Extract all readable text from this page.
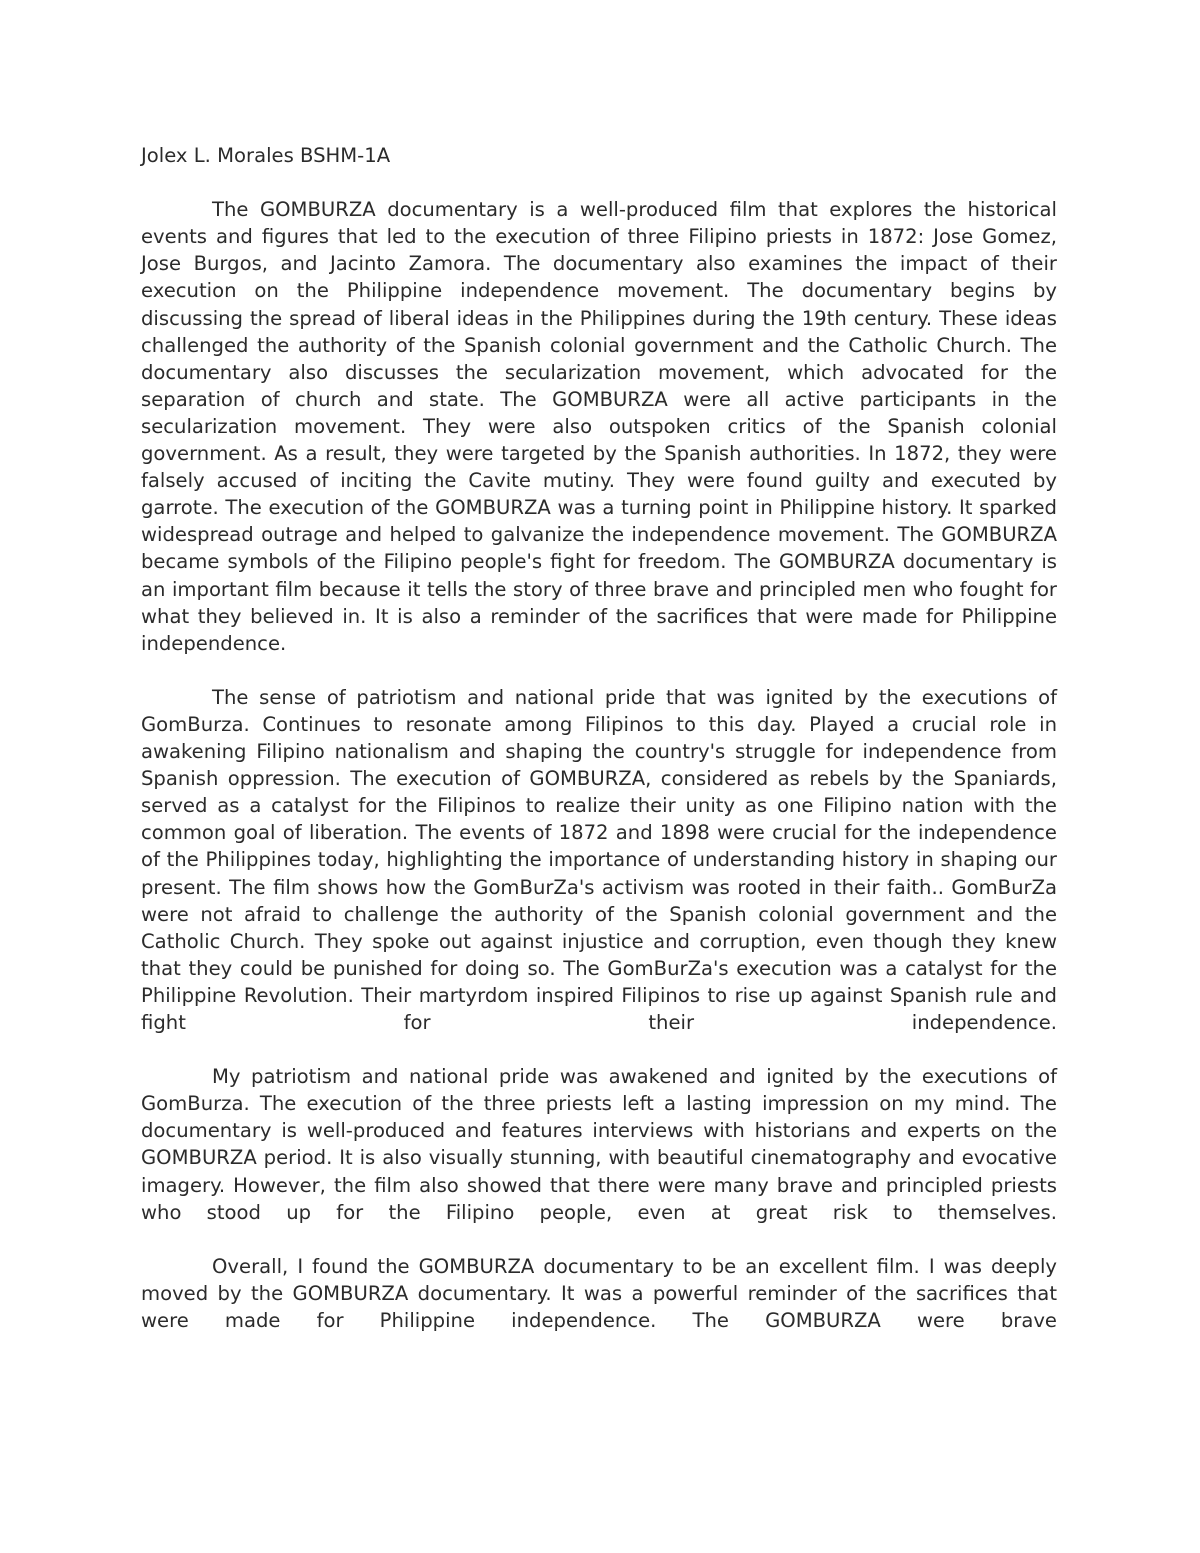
Jolex L. Morales BSHM-1A

The GOMBURZA documentary is a well-produced film that explores the historical events and figures that led to the execution of three Filipino priests in 1872: Jose Gomez, Jose Burgos, and Jacinto Zamora. The documentary also examines the impact of their execution on the Philippine independence movement. The documentary begins by discussing the spread of liberal ideas in the Philippines during the 19th century. These ideas challenged the authority of the Spanish colonial government and the Catholic Church. The documentary also discusses the secularization movement, which advocated for the separation of church and state. The GOMBURZA were all active participants in the secularization movement. They were also outspoken critics of the Spanish colonial government. As a result, they were targeted by the Spanish authorities. In 1872, they were falsely accused of inciting the Cavite mutiny. They were found guilty and executed by garrote. The execution of the GOMBURZA was a turning point in Philippine history. It sparked widespread outrage and helped to galvanize the independence movement. The GOMBURZA became symbols of the Filipino people's fight for freedom. The GOMBURZA documentary is an important film because it tells the story of three brave and principled men who fought for what they believed in. It is also a reminder of the sacrifices that were made for Philippine independence.

The sense of patriotism and national pride that was ignited by the executions of GomBurza. Continues to resonate among Filipinos to this day. Played a crucial role in awakening Filipino nationalism and shaping the country's struggle for independence from Spanish oppression. The execution of GOMBURZA, considered as rebels by the Spaniards, served as a catalyst for the Filipinos to realize their unity as one Filipino nation with the common goal of liberation. The events of 1872 and 1898 were crucial for the independence of the Philippines today, highlighting the importance of understanding history in shaping our present. The film shows how the GomBurZa's activism was rooted in their faith.. GomBurZa were not afraid to challenge the authority of the Spanish colonial government and the Catholic Church. They spoke out against injustice and corruption, even though they knew that they could be punished for doing so. The GomBurZa's execution was a catalyst for the Philippine Revolution. Their martyrdom inspired Filipinos to rise up against Spanish rule and fight for their independence.

My patriotism and national pride was awakened and ignited by the executions of GomBurza. The execution of the three priests left a lasting impression on my mind. The documentary is well-produced and features interviews with historians and experts on the GOMBURZA period. It is also visually stunning, with beautiful cinematography and evocative imagery. However, the film also showed that there were many brave and principled priests who stood up for the Filipino people, even at great risk to themselves.

Overall, I found the GOMBURZA documentary to be an excellent film. I was deeply moved by the GOMBURZA documentary. It was a powerful reminder of the sacrifices that were made for Philippine independence. The GOMBURZA were brave
